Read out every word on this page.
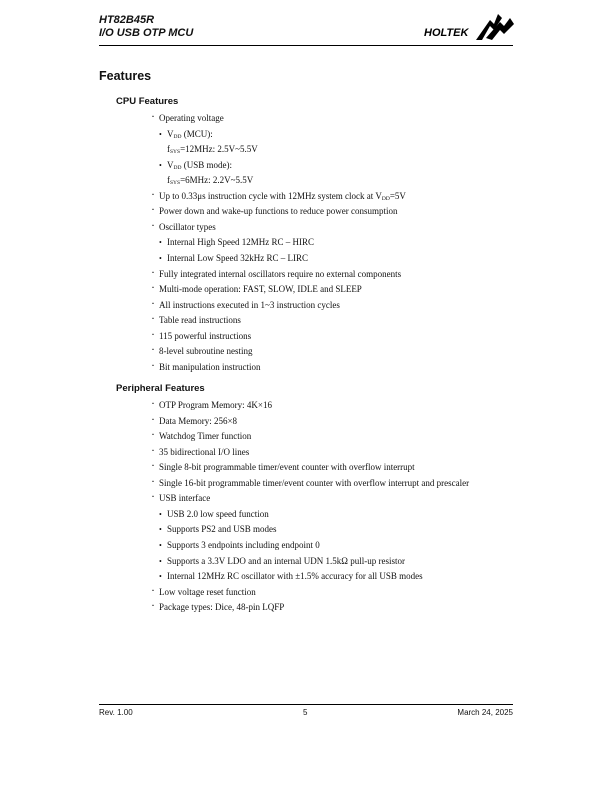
HT82B45R
I/O USB OTP MCU	HOLTEK
Features
CPU Features
Peripheral Features
· Operating voltage
• $V_{DD}$ (MCU):
$f_{SYS}=12MHz$: 2.5V~5.5V
• $V_{DD}$ (USB mode):
$f_{SYS}=6MHz$: 2.2V~5.5V
· Up to 0.33μs instruction cycle with 12MHz system clock at $V_{DD}=5V$
· Power down and wake-up functions to reduce power consumption
· Oscillator types
• Internal High Speed 12MHz RC – HIRC
• Internal Low Speed 32kHz RC – LIRC
· Fully integrated internal oscillators require no external components
· Multi-mode operation: FAST, SLOW, IDLE and SLEEP
· All instructions executed in 1~3 instruction cycles
· Table read instructions
· 115 powerful instructions
· 8-level subroutine nesting
· Bit manipulation instruction
· OTP Program Memory: 4K×16
· Data Memory: 256×8
· Watchdog Timer function
· 35 bidirectional I/O lines
· Single 8-bit programmable timer/event counter with overflow interrupt
· Single 16-bit programmable timer/event counter with overflow interrupt and prescaler
· USB interface
• USB 2.0 low speed function
• Supports PS2 and USB modes
• Supports 3 endpoints including endpoint 0
• Supports a 3.3V LDO and an internal UDN 1.5kΩ pull-up resistor
• Internal 12MHz RC oscillator with ±1.5% accuracy for all USB modes
· Low voltage reset function
· Package types: Dice, 48-pin LQFP
Rev. 1.00	5	March 24, 2025
